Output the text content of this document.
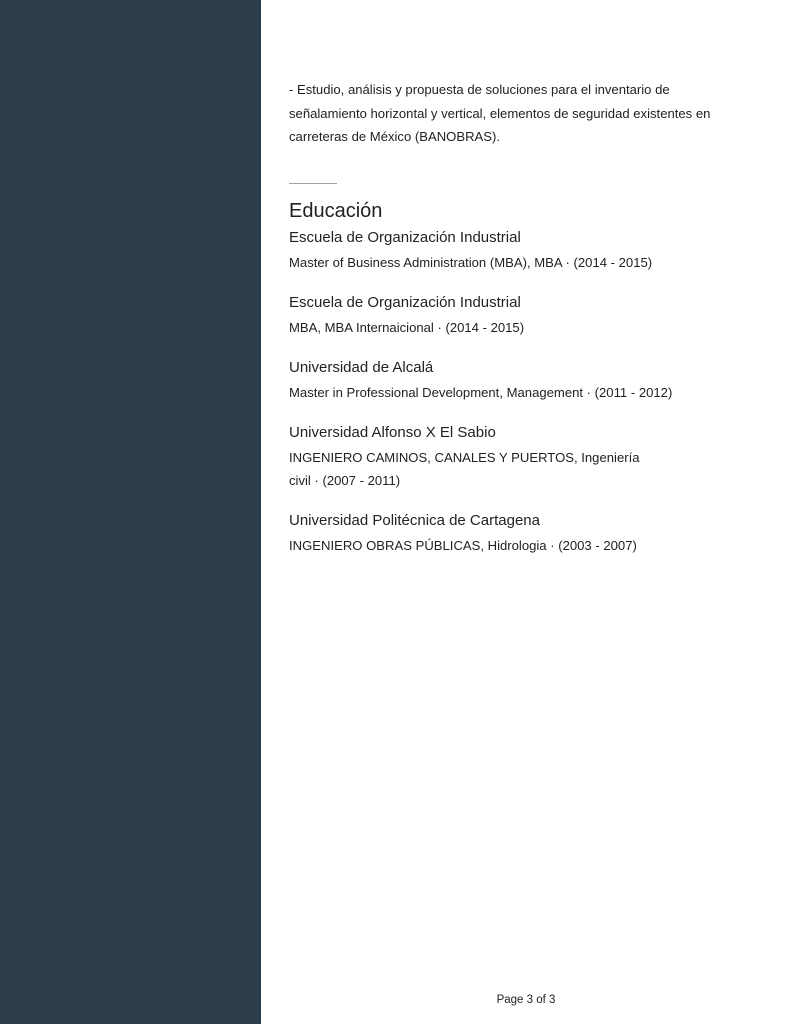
- Estudio, análisis y propuesta de soluciones para el inventario de señalamiento horizontal y vertical, elementos de seguridad existentes en carreteras de México (BANOBRAS).

Educación
Escuela de Organización Industrial
Master of Business Administration (MBA), MBA · (2014 - 2015)
Escuela de Organización Industrial
MBA, MBA Internaicional · (2014 - 2015)
Universidad de Alcalá
Master in Professional Development, Management · (2011 - 2012)
Universidad Alfonso X El Sabio
INGENIERO CAMINOS, CANALES Y PUERTOS, Ingeniería civil · (2007 - 2011)
Universidad Politécnica de Cartagena
INGENIERO OBRAS PÚBLICAS, Hidrologia · (2003 - 2007)
Page 3 of 3
